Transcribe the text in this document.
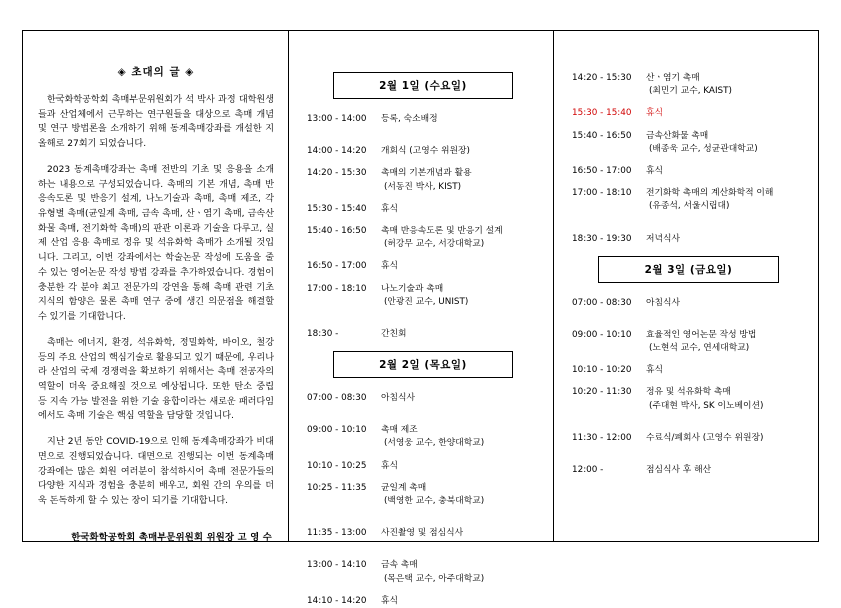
◈ 초대의 글 ◈

한국화학공학회 촉매부문위원회가 석 박사 과정 대학원생들과 산업체에서 근무하는 연구원들을 대상으로 촉매 개념 및 연구 방법론을 소개하기 위해 동계촉매강좌를 개설한 지 올해로 27회기 되었습니다.

2023 동계촉매강좌는 촉매 전반의 기초 및 응용을 소개하는 내용으로 구성되었습니다. 촉매의 기본 개념, 촉매 반응속도론 및 반응기 설계, 나노기술과 촉매, 촉매 제조, 각 유형별 촉매(균일계 촉매, 금속 촉매, 산ㆍ염기 촉매, 금속산화물 촉매, 전기화학 촉매)의 판관 이론과 기술을 다루고, 실제 산업 응용 촉매로 정유 및 석유화학 촉매가 소개될 것입니다. 그리고, 이번 강좌에서는 학술논문 작성에 도움을 줄 수 있는 영어논문 작성 방법 강좌를 추가하였습니다. 경험이 충분한 각 분야 최고 전문가의 강연을 통해 촉매 관련 기초 지식의 함양은 물론 촉매 연구 중에 생긴 의문점을 해결할 수 있기를 기대합니다.

촉매는 에너지, 환경, 석유화학, 정밀화학, 바이오, 철강 등의 주요 산업의 핵심기술로 활용되고 있기 때문에, 우리나라 산업의 국제 경쟁력을 확보하기 위해서는 촉매 전공자의 역할이 더욱 중요해질 것으로 예상됩니다. 또한 탄소 중립 등 지속 가능 발전을 위한 기술 융합이라는 새로운 패러다임에서도 촉매 기술은 핵심 역할을 담당할 것입니다.

지난 2년 동안 COVID-19으로 인해 동계촉매강좌가 비대면으로 진행되었습니다. 대면으로 진행되는 이번 동계촉매강좌에는 많은 회원 여러분이 참석하시어 촉매 전문가들의 다양한 지식과 경험을 충분히 배우고, 회원 간의 우의를 더욱 돈독하게 할 수 있는 장이 되기를 기대합니다.

한국화학공학회 촉매부문위원회 위원장 고 영 수
2월 1일 (수요일)
13:00 - 14:00	등록, 숙소배정
14:00 - 14:20	개회식 (고영수 위원장)
14:20 - 15:30	촉매의 기본개념과 활용
(서동진 박사, KIST)
15:30 - 15:40	휴식
15:40 - 16:50	촉매 반응속도론 및 반응기 설계
(허강무 교수, 서강대학교)
16:50 - 17:00	휴식
17:00 - 18:10	나노기술과 촉매
(안광진 교수, UNIST)
18:30 -	간친회
2월 2일 (목요일)
07:00 - 08:30	아침식사
09:00 - 10:10	촉매 제조
(서영웅 교수, 한양대학교)
10:10 - 10:25	휴식
10:25 - 11:35	균일계 촉매
(백영한 교수, 충북대학교)
11:35 - 13:00	사진촬영 및 점심식사
13:00 - 14:10	금속 촉매
(목은택 교수, 아주대학교)
14:10 - 14:20	휴식
14:20 - 15:30	산ㆍ염기 촉매
(최민기 교수, KAIST)
15:30 - 15:40	휴식
15:40 - 16:50	금속산화물 촉매
(배종욱 교수, 성균관대학교)
16:50 - 17:00	휴식
17:00 - 18:10	전기화학 촉매의 계산화학적 이해
(유종석, 서울시립대)
18:30 - 19:30	저녁식사
2월 3일 (금요일)
07:00 - 08:30	아침식사
09:00 - 10:10	효율적인 영어논문 작성 방법
(노현석 교수, 연세대학교)
10:10 - 10:20	휴식
10:20 - 11:30	정유 및 석유화학 촉매
(주대현 박사, SK 이노베이션)
11:30 - 12:00	수료식/폐회사 (고영수 위원장)
12:00 -	점심식사 후 해산
